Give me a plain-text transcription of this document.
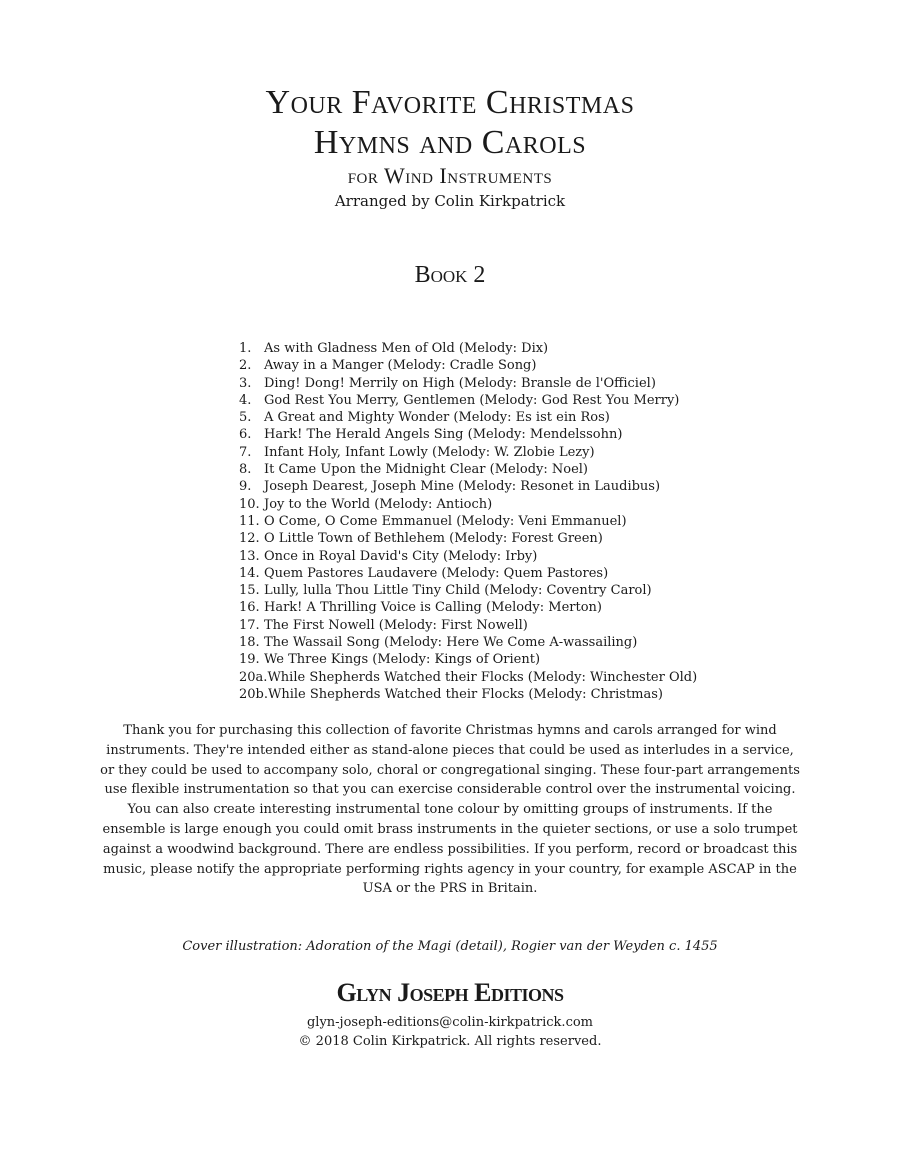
Your Favorite Christmas
Hymns and Carols
for Wind Instruments
Arranged by Colin Kirkpatrick
Book 2
1. As with Gladness Men of Old (Melody: Dix)
2. Away in a Manger (Melody: Cradle Song)
3. Ding! Dong! Merrily on High (Melody: Bransle de l'Officiel)
4. God Rest You Merry, Gentlemen (Melody: God Rest You Merry)
5. A Great and Mighty Wonder (Melody: Es ist ein Ros)
6. Hark! The Herald Angels Sing (Melody: Mendelssohn)
7. Infant Holy, Infant Lowly (Melody: W. Zlobie Lezy)
8. It Came Upon the Midnight Clear (Melody: Noel)
9. Joseph Dearest, Joseph Mine (Melody: Resonet in Laudibus)
10. Joy to the World (Melody: Antioch)
11. O Come, O Come Emmanuel (Melody: Veni Emmanuel)
12. O Little Town of Bethlehem (Melody: Forest Green)
13. Once in Royal David's City (Melody: Irby)
14. Quem Pastores Laudavere (Melody: Quem Pastores)
15. Lully, lulla Thou Little Tiny Child (Melody: Coventry Carol)
16. Hark! A Thrilling Voice is Calling (Melody: Merton)
17. The First Nowell (Melody: First Nowell)
18. The Wassail Song (Melody: Here We Come A-wassailing)
19. We Three Kings (Melody: Kings of Orient)
20a.While Shepherds Watched their Flocks (Melody: Winchester Old)
20b.While Shepherds Watched their Flocks (Melody: Christmas)

Thank you for purchasing this collection of favorite Christmas hymns and carols arranged for wind instruments. They're intended either as stand-alone pieces that could be used as interludes in a service, or they could be used to accompany solo, choral or congregational singing. These four-part arrangements use flexible instrumentation so that you can exercise considerable control over the instrumental voicing. You can also create interesting instrumental tone colour by omitting groups of instruments. If the ensemble is large enough you could omit brass instruments in the quieter sections, or use a solo trumpet against a woodwind background. There are endless possibilities. If you perform, record or broadcast this music, please notify the appropriate performing rights agency in your country, for example ASCAP in the USA or the PRS in Britain.

Cover illustration: Adoration of the Magi (detail), Rogier van der Weyden c. 1455
Glyn Joseph Editions
glyn-joseph-editions@colin-kirkpatrick.com
© 2018 Colin Kirkpatrick. All rights reserved.
